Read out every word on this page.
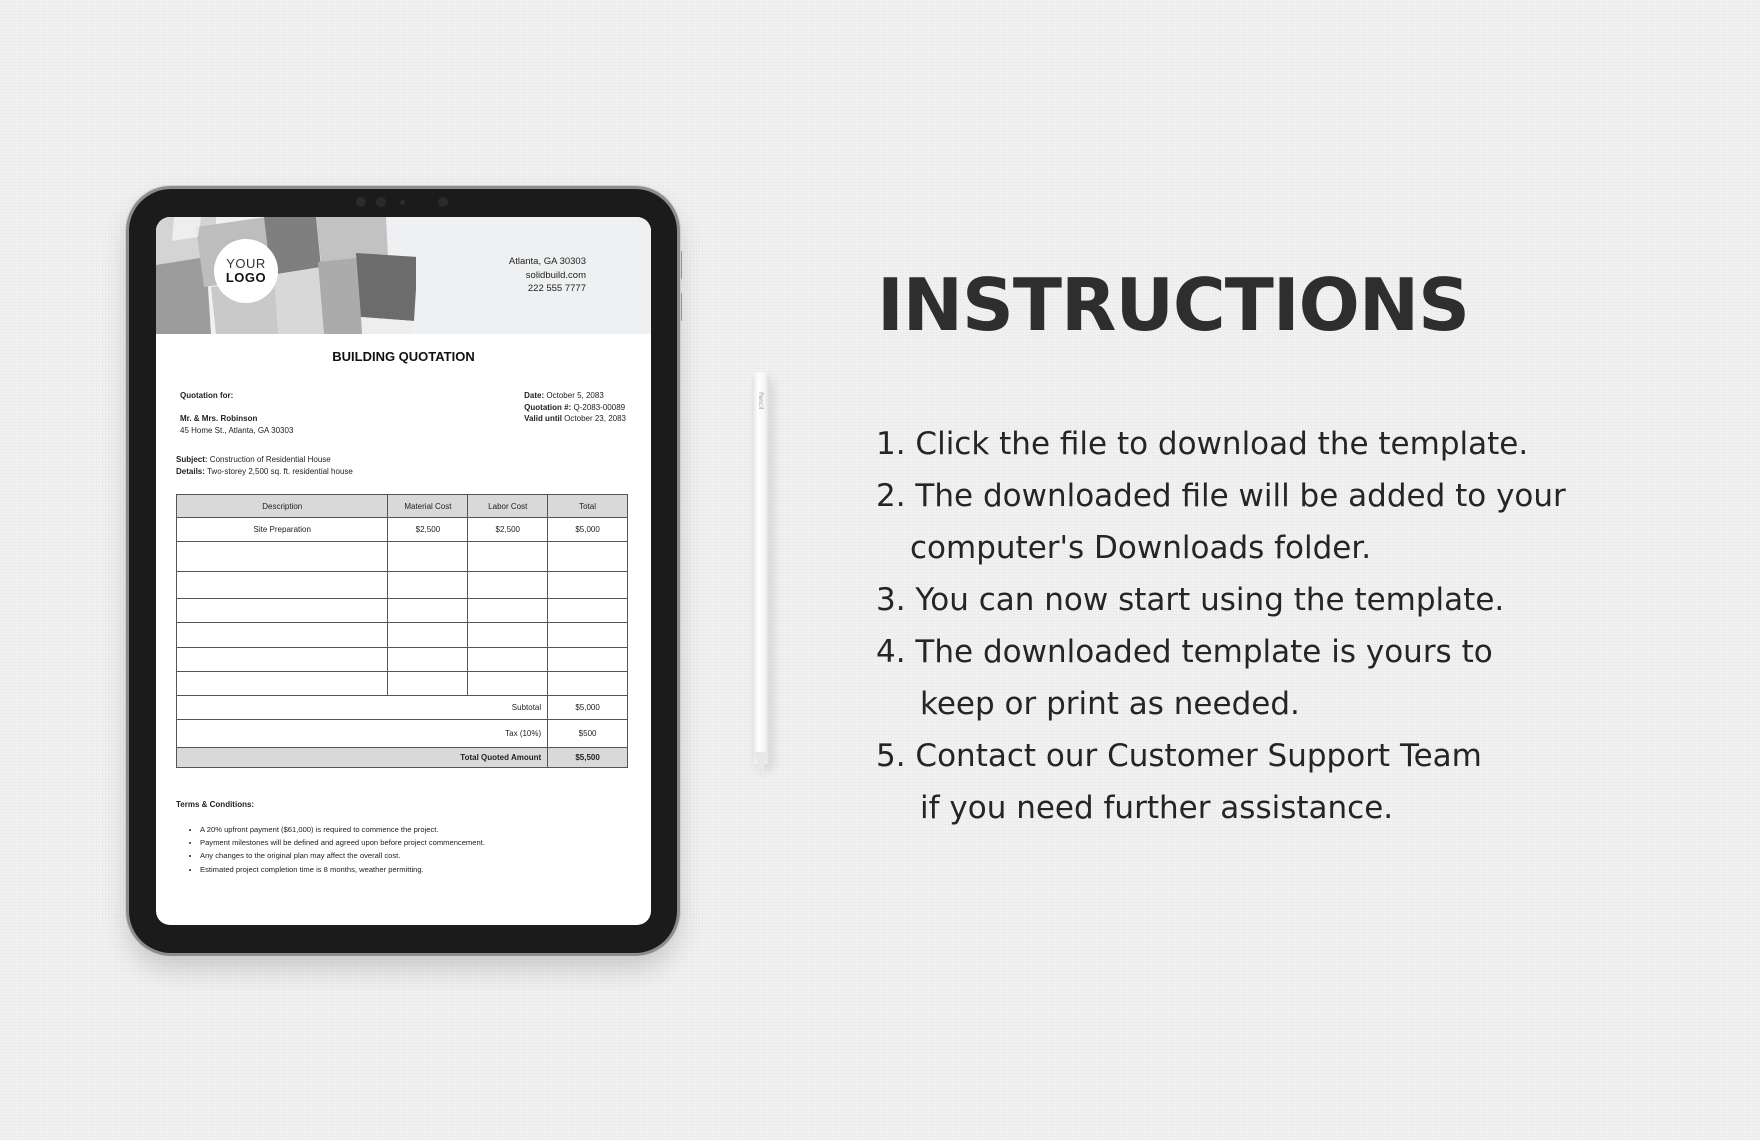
YOUR
LOGO
Atlanta, GA 30303
solidbuild.com
222 555 7777
BUILDING QUOTATION
Quotation for:
Mr. & Mrs. Robinson
45 Home St., Atlanta, GA 30303
Date: October 5, 2083
Quotation #: Q-2083-00089
Valid until October 23, 2083
Subject: Construction of Residential House
Details: Two-storey 2,500 sq. ft. residential house
Description	Material Cost	Labor Cost	Total
Site Preparation	$2,500	$2,500	$5,000

Subtotal			$5,000
Tax (10%)			$500
Total Quoted Amount			$5,500
Terms & Conditions:
• A 20% upfront payment ($61,000) is required to commence the project.
• Payment milestones will be defined and agreed upon before project commencement.
• Any changes to the original plan may affect the overall cost.
• Estimated project completion time is 8 months, weather permitting.
Pencil
INSTRUCTIONS
1. Click the file to download the template.
2. The downloaded file will be added to your
computer's Downloads folder.
3. You can now start using the template.
4. The downloaded template is yours to
keep or print as needed.
5. Contact our Customer Support Team
if you need further assistance.
